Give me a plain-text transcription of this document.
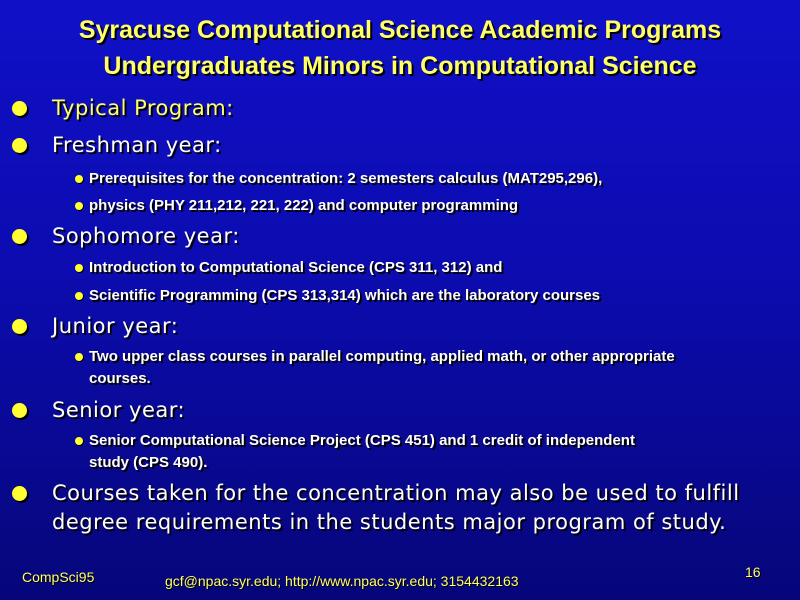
Syracuse Computational Science Academic Programs
Undergraduates Minors in Computational Science
Typical Program:
Freshman year:
Prerequisites for the concentration: 2 semesters calculus (MAT295,296),
physics (PHY 211,212, 221, 222) and computer programming
Sophomore year:
Introduction to Computational Science (CPS 311, 312) and
Scientific Programming (CPS 313,314) which are the laboratory courses
Junior year:
Two upper class courses in parallel computing, applied math, or other appropriate courses.
Senior year:
Senior Computational Science Project (CPS 451) and 1 credit of independent study (CPS 490).
Courses taken for the concentration may also be used to fulfill degree requirements in the students major program of study.
CompSci95	gcf@npac.syr.edu; http://www.npac.syr.edu; 3154432163
16
